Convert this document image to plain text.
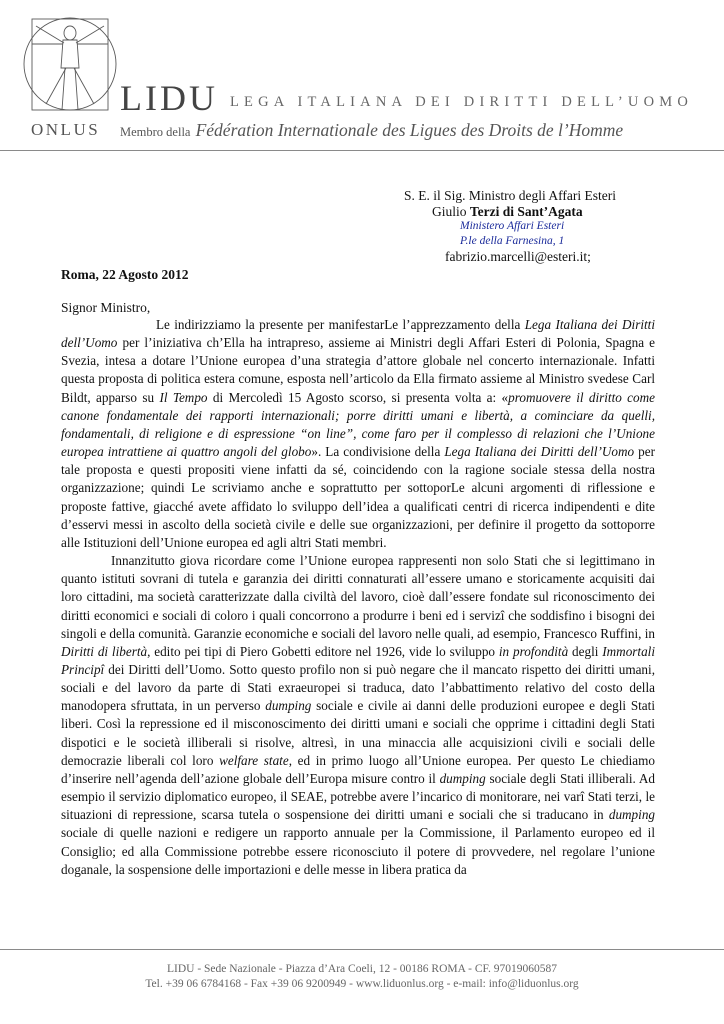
LIDU LEGA ITALIANA DEI DIRITTI DELL’UOMO
ONLUS Membro della Fédération Internationale des Ligues des Droits de l’Homme
S. E. il Sig. Ministro degli Affari Esteri
Giulio Terzi di Sant’Agata
Ministero Affari Esteri
P.le della Farnesina, 1
fabrizio.marcelli@esteri.it;
Roma, 22 Agosto 2012
Signor Ministro,

Le indirizziamo la presente per manifestarLe l’apprezzamento della Lega Italiana dei Diritti dell’Uomo per l’iniziativa ch’Ella ha intrapreso, assieme ai Ministri degli Affari Esteri di Polonia, Spagna e Svezia, intesa a dotare l’Unione europea d’una strategia d’attore globale nel concerto internazionale. Infatti questa proposta di politica estera comune, esposta nell’articolo da Ella firmato assieme al Ministro svedese Carl Bildt, apparso su Il Tempo di Mercoledì 15 Agosto scorso, si presenta volta a: «promuovere il diritto come canone fondamentale dei rapporti internazionali; porre diritti umani e libertà, a cominciare da quelli, fondamentali, di religione e di espressione “on line”, come faro per il complesso di relazioni che l’Unione europea intrattiene ai quattro angoli del globo». La condivisione della Lega Italiana dei Diritti dell’Uomo per tale proposta e questi propositi viene infatti da sé, coincidendo con la ragione sociale stessa della nostra organizzazione; quindi Le scriviamo anche e soprattutto per sottoporLe alcuni argomenti di riflessione e proposte fattive, giacché avete affidato lo sviluppo dell’idea a qualificati centri di ricerca indipendenti e dite d’esservi messi in ascolto della società civile e delle sue organizzazioni, per definire il progetto da sottoporre alle Istituzioni dell’Unione europea ed agli altri Stati membri.

Innanzitutto giova ricordare come l’Unione europea rappresenti non solo Stati che si legittimano in quanto istituti sovrani di tutela e garanzia dei diritti connaturati all’essere umano e storicamente acquisiti dai loro cittadini, ma società caratterizzate dalla civiltà del lavoro, cioè dall’essere fondate sul riconoscimento dei diritti economici e sociali di coloro i quali concorrono a produrre i beni ed i servizî che soddisfino i bisogni dei singoli e della comunità. Garanzie economiche e sociali del lavoro nelle quali, ad esempio, Francesco Ruffini, in Diritti di libertà, edito pei tipi di Piero Gobetti editore nel 1926, vide lo sviluppo in profondità degli Immortali Principî dei Diritti dell’Uomo. Sotto questo profilo non si può negare che il mancato rispetto dei diritti umani, sociali e del lavoro da parte di Stati exraeuropei si traduca, dato l’abbattimento relativo del costo della manodopera sfruttata, in un perverso dumping sociale e civile ai danni delle produzioni europee e degli Stati liberi. Così la repressione ed il misconoscimento dei diritti umani e sociali che opprime i cittadini degli Stati dispotici e le società illiberali si risolve, altresì, in una minaccia alle acquisizioni civili e sociali delle democrazie liberali col loro welfare state, ed in primo luogo all’Unione europea. Per questo Le chiediamo d’inserire nell’agenda dell’azione globale dell’Europa misure contro il dumping sociale degli Stati illiberali. Ad esempio il servizio diplomatico europeo, il SEAE, potrebbe avere l’incarico di monitorare, nei varî Stati terzi, le situazioni di repressione, scarsa tutela o sospensione dei diritti umani e sociali che si traducano in dumping sociale di quelle nazioni e redigere un rapporto annuale per la Commissione, il Parlamento europeo ed il Consiglio; ed alla Commissione potrebbe essere riconosciuto il potere di provvedere, nel regolare l’unione doganale, la sospensione delle importazioni e delle messe in libera pratica da

LIDU - Sede Nazionale - Piazza d’Ara Coeli, 12 - 00186 ROMA - CF. 97019060587
Tel. +39 06 6784168 - Fax +39 06 9200949 - www.liduonlus.org - e-mail: info@liduonlus.org
